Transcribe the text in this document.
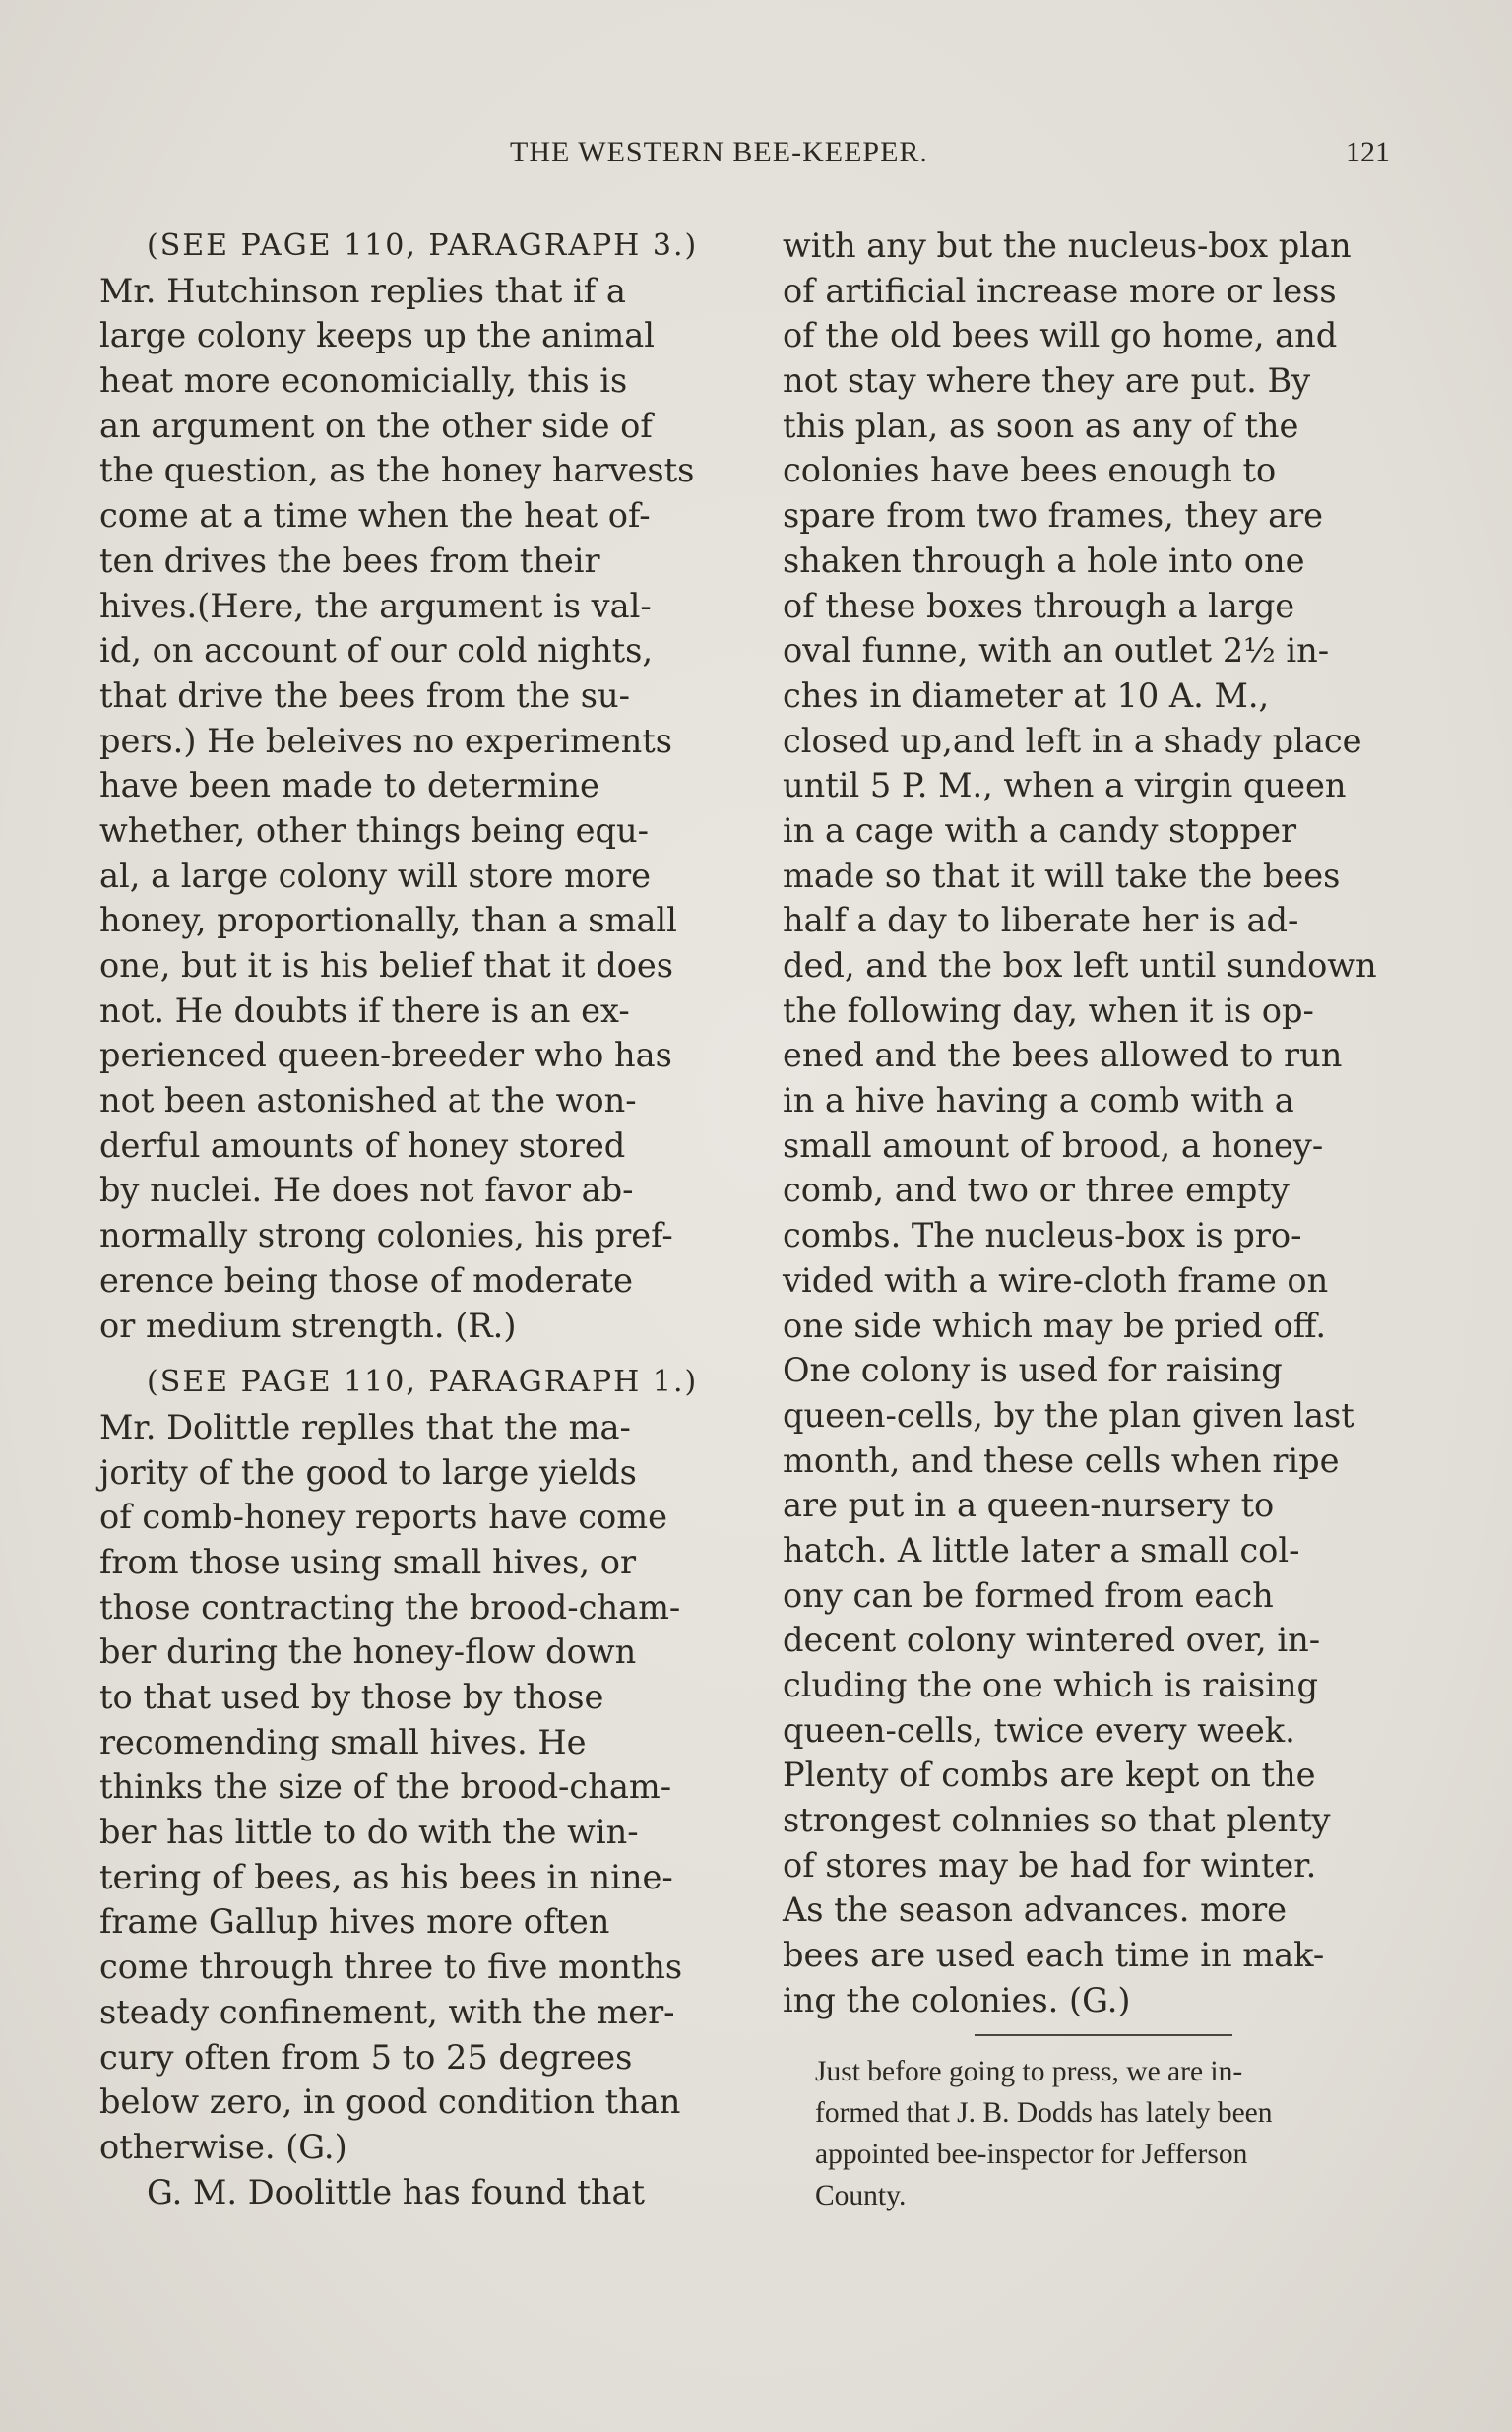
THE WESTERN BEE-KEEPER.	121
(SEE PAGE 110, PARAGRAPH 3.)
Mr. Hutchinson replies that if a
large colony keeps up the animal
heat more economicially, this is
an argument on the other side of
the question, as the honey harvests
come at a time when the heat of-
ten drives the bees from their
hives.(Here, the argument is val-
id, on account of our cold nights,
that drive the bees from the su-
pers.) He beleives no experiments
have been made to determine
whether, other things being equ-
al, a large colony will store more
honey, proportionally, than a small
one, but it is his belief that it does
not. He doubts if there is an ex-
perienced queen-breeder who has
not been astonished at the won-
derful amounts of honey stored
by nuclei. He does not favor ab-
normally strong colonies, his pref-
erence being those of moderate
or medium strength. (R.)
(SEE PAGE 110, PARAGRAPH 1.)
Mr. Dolittle replles that the ma-
jority of the good to large yields
of comb-honey reports have come
from those using small hives, or
those contracting the brood-cham-
ber during the honey-flow down
to that used by those by those
recomending small hives. He
thinks the size of the brood-cham-
ber has little to do with the win-
tering of bees, as his bees in nine-
frame Gallup hives more often
come through three to five months
steady confinement, with the mer-
cury often from 5 to 25 degrees
below zero, in good condition than
otherwise. (G.)
G. M. Doolittle has found that
with any but the nucleus-box plan
of artificial increase more or less
of the old bees will go home, and
not stay where they are put. By
this plan, as soon as any of the
colonies have bees enough to
spare from two frames, they are
shaken through a hole into one
of these boxes through a large
oval funne, with an outlet 2½ in-
ches in diameter at 10 A. M.,
closed up,and left in a shady place
until 5 P. M., when a virgin queen
in a cage with a candy stopper
made so that it will take the bees
half a day to liberate her is ad-
ded, and the box left until sundown
the following day, when it is op-
ened and the bees allowed to run
in a hive having a comb with a
small amount of brood, a honey-
comb, and two or three empty
combs. The nucleus-box is pro-
vided with a wire-cloth frame on
one side which may be pried off.
One colony is used for raising
queen-cells, by the plan given last
month, and these cells when ripe
are put in a queen-nursery to
hatch. A little later a small col-
ony can be formed from each
decent colony wintered over, in-
cluding the one which is raising
queen-cells, twice every week.
Plenty of combs are kept on the
strongest colnnies so that plenty
of stores may be had for winter.
As the season advances. more
bees are used each time in mak-
ing the colonies. (G.)
Just before going to press, we are in-
formed that J. B. Dodds has lately been
appointed bee-inspector for Jefferson
County.
